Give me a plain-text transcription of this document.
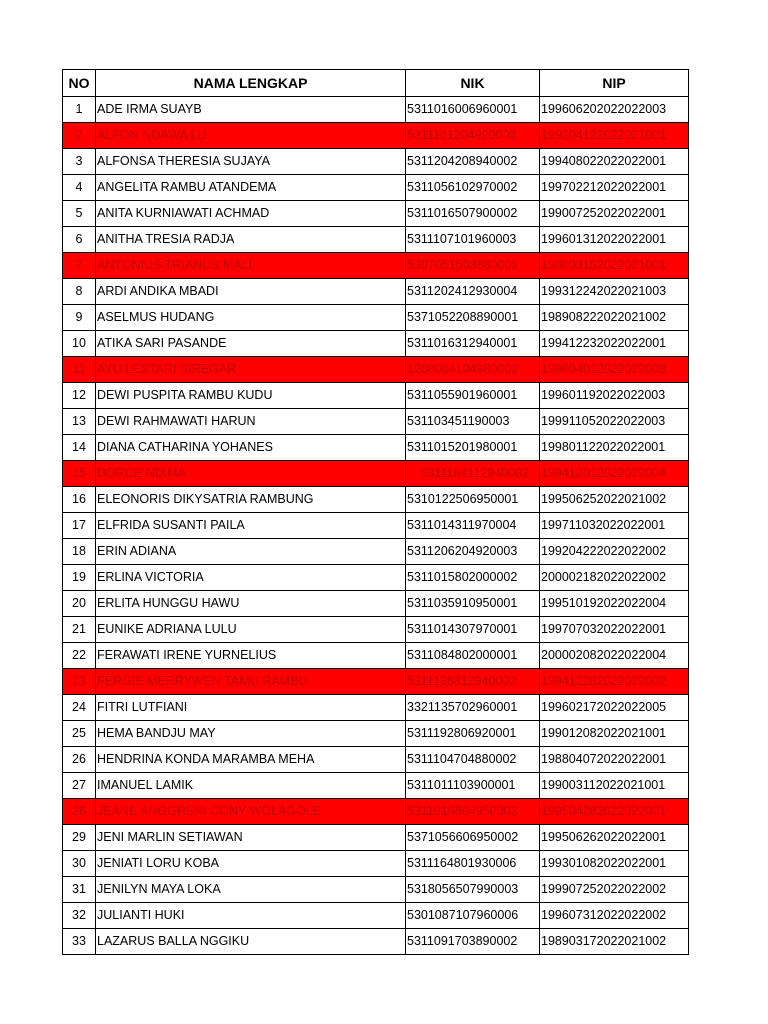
NO	NAMA LENGKAP	NIK	NIP
1	ADE IRMA SUAYB	5311016006960001	199606202022022003
2	ALFON NDAWA LU	5311161204920003	199204122022021001
3	ALFONSA THERESIA SUJAYA	5311204208940002	199408022022022001
4	ANGELITA RAMBU ATANDEMA	5311056102970002	199702212022022001
5	ANITA KURNIAWATI ACHMAD	5311016507900002	199007252022022001
6	ANITHA TRESIA RADJA	5311107101960003	199601312022022001
7	ANTONIUS TRIANUS MALI	5307051503880001	198803152022021001
8	ARDI ANDIKA MBADI	5311202412930004	199312242022021003
9	ASELMUS HUDANG	5371052208890001	198908222022021002
10	ATIKA SARI PASANDE	5311016312940001	199412232022022001
11	AYU LESTARI SIREGAR	1208064104980002	199804012022022003
12	DEWI PUSPITA RAMBU KUDU	5311055901960001	199601192022022003
13	DEWI RAHMAWATI HARUN	531103451190003	199911052022022003
14	DIANA CATHARINA YOHANES	5311015201980001	199801122022022001
15	DORCE NDIMA	5311164112940002	199412012022022004
16	ELEONORIS DIKYSATRIA RAMBUNG	5310122506950001	199506252022021002
17	ELFRIDA SUSANTI PAILA	5311014311970004	199711032022022001
18	ERIN ADIANA	5311206204920003	199204222022022002
19	ERLINA VICTORIA	5311015802000002	200002182022022002
20	ERLITA HUNGGU HAWU	5311035910950001	199510192022022004
21	EUNIKE ADRIANA LULU	5311014307970001	199707032022022001
22	FERAWATI IRENE YURNELIUS	5311084802000001	200002082022022004
23	FERGIE MERRYWEN TAMU RAMBU	5311136812940002	199412282022022002
24	FITRI LUTFIANI	3321135702960001	199602172022022005
25	HEMA BANDJU MAY	5311192806920001	199012082022021001
26	HENDRINA KONDA MARAMBA MEHA	5311104704880002	198804072022022001
27	IMANUEL LAMIK	5311011103900001	199003112022021001
28	JEANE ANGGRENI CONY WOLAGOLE	5311016804950002	199504282022022001
29	JENI MARLIN SETIAWAN	5371056606950002	199506262022022001
30	JENIATI LORU KOBA	5311164801930006	199301082022022001
31	JENILYN MAYA LOKA	5318056507990003	199907252022022002
32	JULIANTI HUKI	5301087107960006	199607312022022002
33	LAZARUS BALLA NGGIKU	5311091703890002	198903172022021002
